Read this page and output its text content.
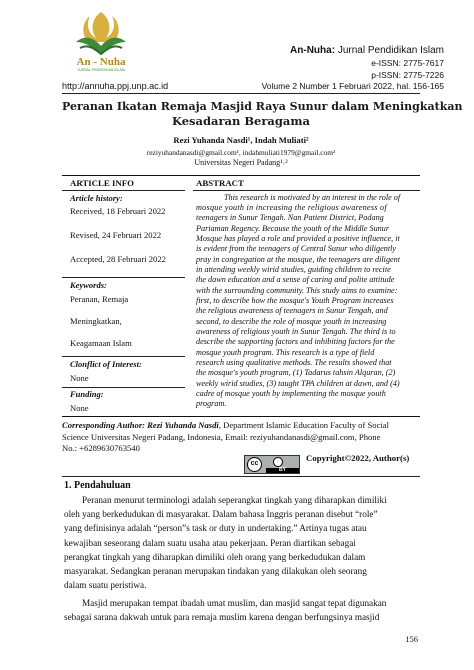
An - Nuha
JURNAL PENDIDIKAN ISLAM
An-Nuha: Jurnal Pendidikan Islam
e-ISSN: 2775-7617
p-ISSN: 2775-7226
http://annuha.ppj.unp.ac.id	Volume 2 Number 1 Februari 2022, hal. 156-165
Peranan Ikatan Remaja Masjid Raya Sunur dalam Meningkatkan
Kesadaran Beragama
Rezi Yuhanda Nasdi¹, Indah Muliati²
reziyuhandanasdi@gmail.com¹, indahmuliati1979@gmail.com²
Universitas Negeri Padang¹˒²
ARTICLE INFO	ABSTRACT
Article history:
Received, 18 Februari 2022
Revised, 24 Februari 2022
Accepted, 28 Februari 2022
Keywords:
Peranan, Remaja
Meningkatkan,
Keagamaan Islam
Clonflict of Interest:
None
Funding:
None
This research is motivated by an interest in the role of
mosque youth in increasing the religious awareness of
teenagers in Sunur Tengah. Nan Patient District, Padang
Pariaman Regency. Because the youth of the Middle Sunur
Mosque has played a role and provided a positive influence, it
is evident from the teenagers of Central Sunur who diligently
pray in congregation at the mosque, the teenagers are diligent
in attending weekly wirid studies, guiding children to recite
the dawn education and a sense of caring and polite attitude
with the surrounding community. This study aims to examine:
first, to describe how the mosque's Youth Program increases
the religious awareness of teenagers in Sunur Tengah, and
second, to describe the role of mosque youth in increasing
awareness of religious youth in Sunur Tengah. The third is to
describe the supporting factors and inhibiting factors for the
mosque youth program. This research is a type of field
research using qualitative methods. The results showed that
the mosque's youth program, (1) Tadarus tahsin Alquran, (2)
weekly wirid studies, (3) taught TPA children at dawn, and (4)
cadre of mosque youth by implementing the mosque youth
program.
Corresponding Author: Rezi Yuhanda Nasdi, Department Islamic Education Faculty of Social
Science Universitas Negeri Padang, Indonesia, Email: reziyuhandanasdi@gmail.com, Phone
No.: +6289630763540
cc
BY
Copyright©2022, Author(s)
1. Pendahuluan
Peranan menurut terminologi adalah seperangkat tingkah yang diharapkan dimiliki
oleh yang berkedudukan di masyarakat. Dalam bahasa Inggris peranan disebut “role”
yang definisinya adalah “person”s task or duty in undertaking.” Artinya tugas atau
kewajiban seseorang dalam suatu usaha atau pekerjaan. Peran diartikan sebagai
perangkat tingkah yang diharapkan dimiliki oleh orang yang berkedudukan dalam
masyarakat. Sedangkan peranan merupakan tindakan yang dilakukan oleh seorang
dalam suatu peristiwa.
Masjid merupakan tempat ibadah umat muslim, dan masjid sangat tepat digunakan
sebagai sarana dakwah untuk para remaja muslim karena dengan berfungsinya masjid
156
